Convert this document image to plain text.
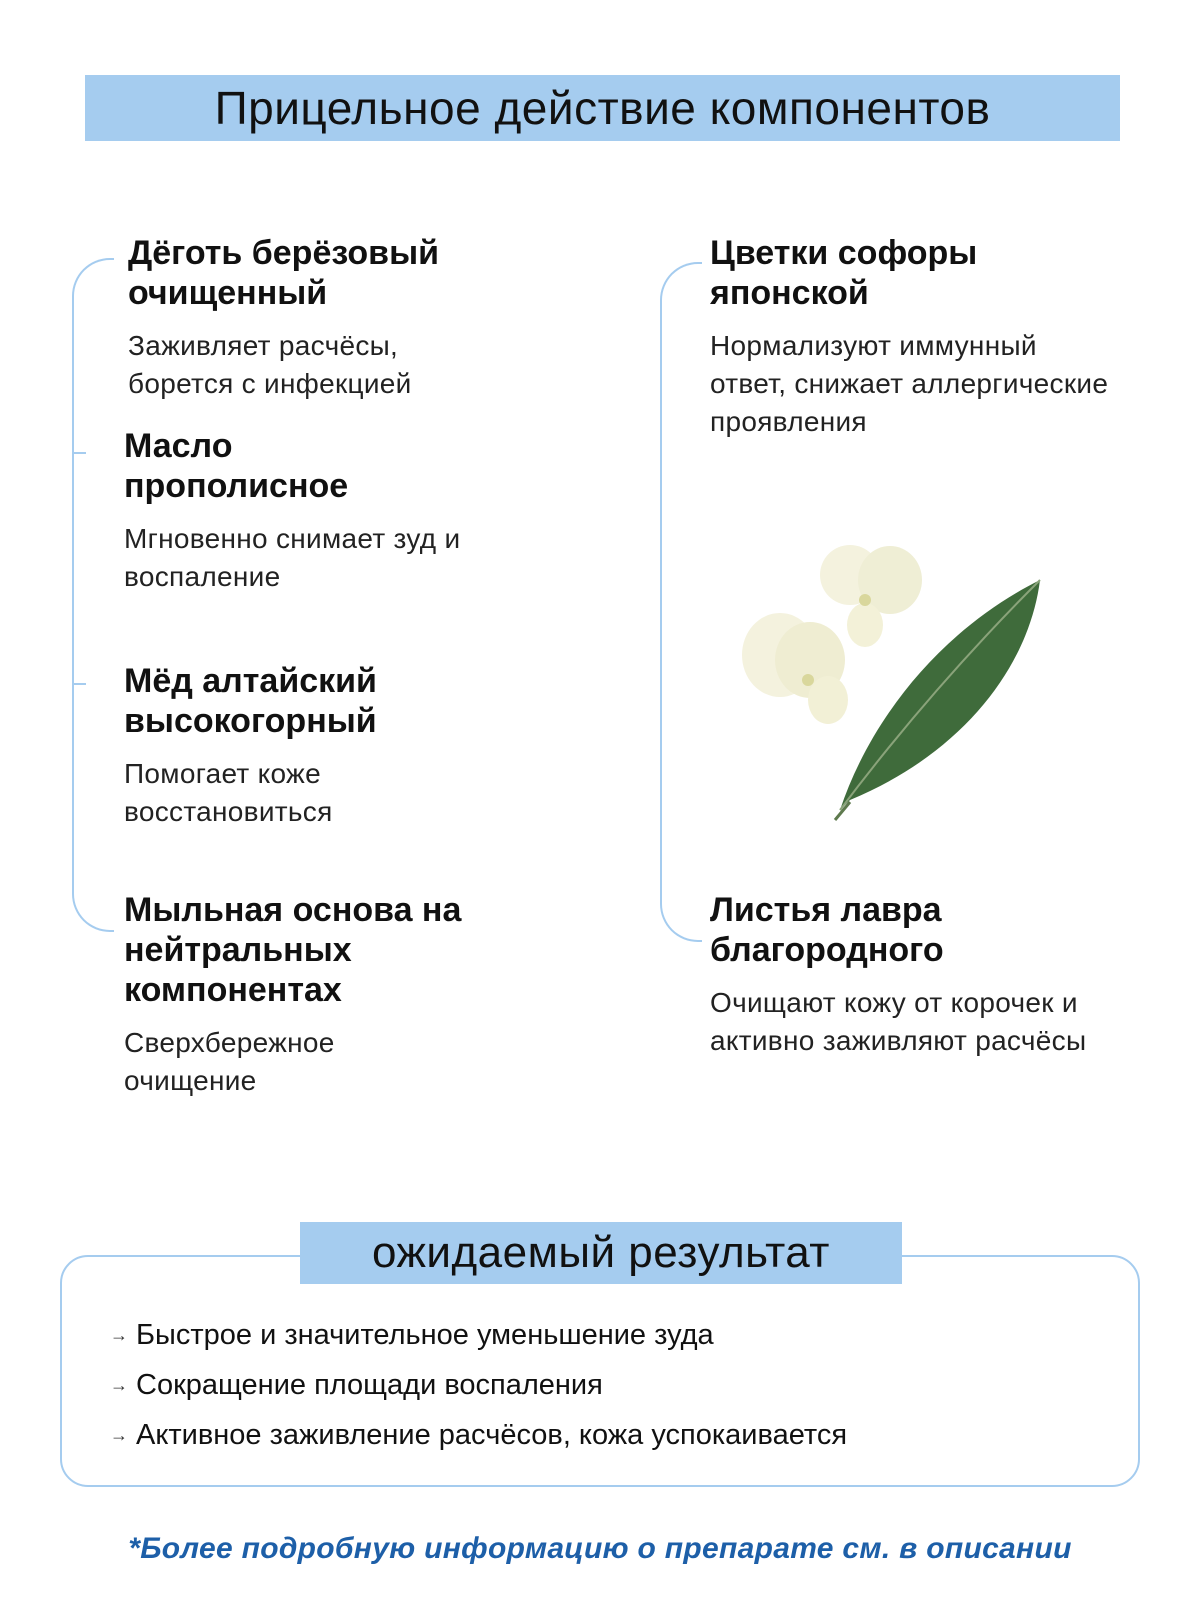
Прицельное действие компонентов
Дёготь берёзовый очищенный
Заживляет расчёсы, борется с инфекцией
Масло прополисное
Мгновенно снимает зуд и воспаление
Мёд алтайский высокогорный
Помогает коже восстановиться
Мыльная основа на нейтральных компонентах
Сверхбережное очищение
Цветки софоры японской
Нормализуют иммунный ответ, снижает аллергические проявления
Листья лавра благородного
Очищают кожу от корочек и активно заживляют расчёсы
ожидаемый результат
→ Быстрое и значительное уменьшение зуда
→ Сокращение площади воспаления
→ Активное заживление расчёсов, кожа успокаивается
*Более подробную информацию о препарате см. в описании
